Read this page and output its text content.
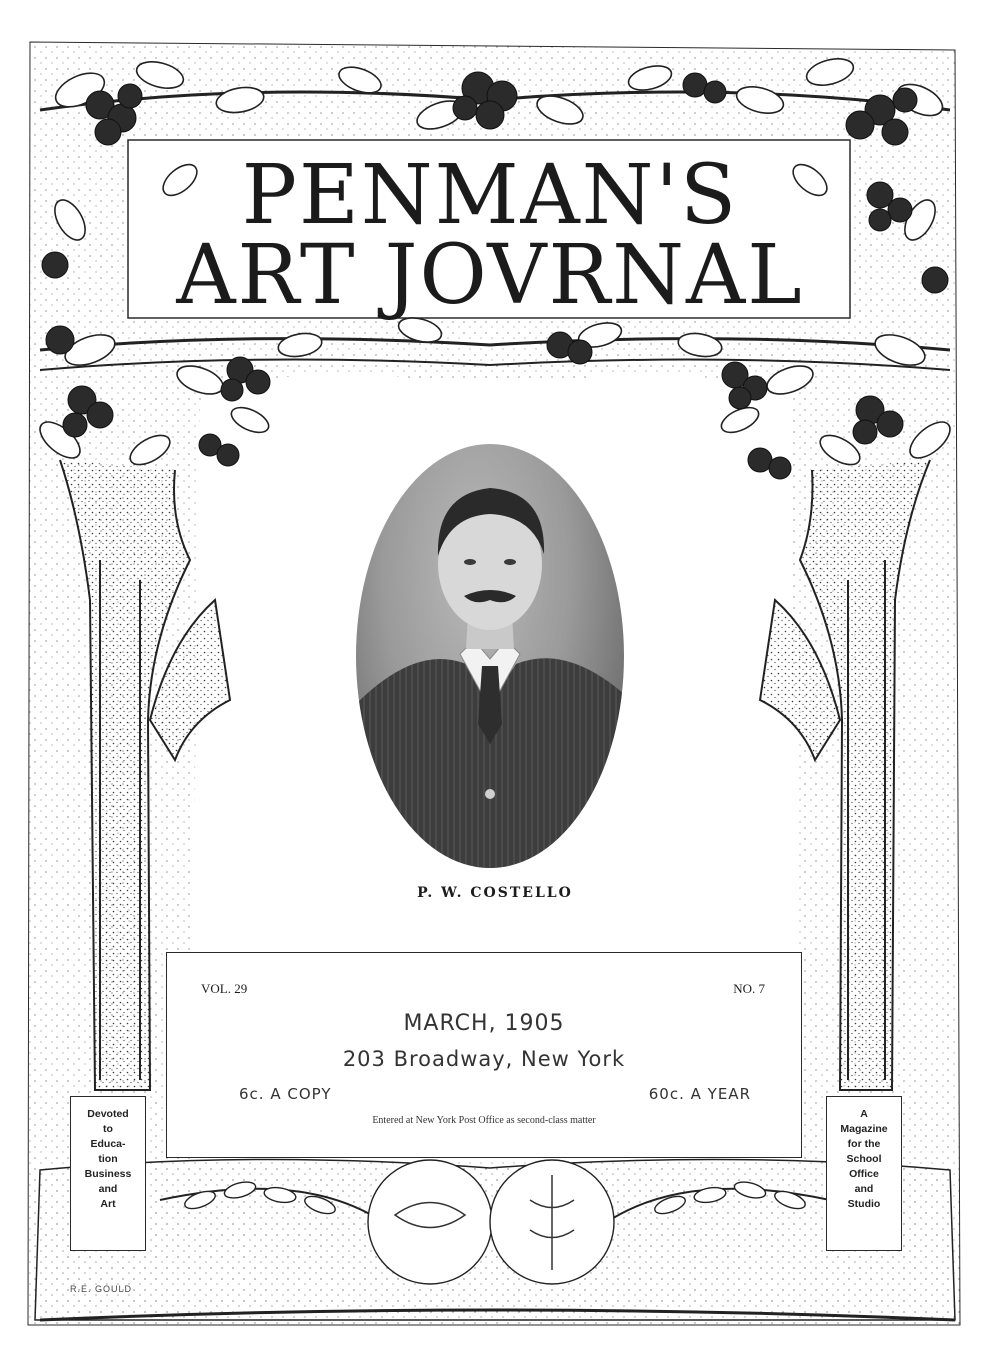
PENMAN'S
ART JOVRNAL
P. W. COSTELLO
VOL. 29	NO. 7
MARCH, 1905
203 Broadway, New York
6c. A COPY	60c. A YEAR
Entered at New York Post Office as second-class matter
Devoted
to
Educa-
tion
Business
and
Art
A
Magazine
for the
School
Office
and
Studio
R.E. GOULD
